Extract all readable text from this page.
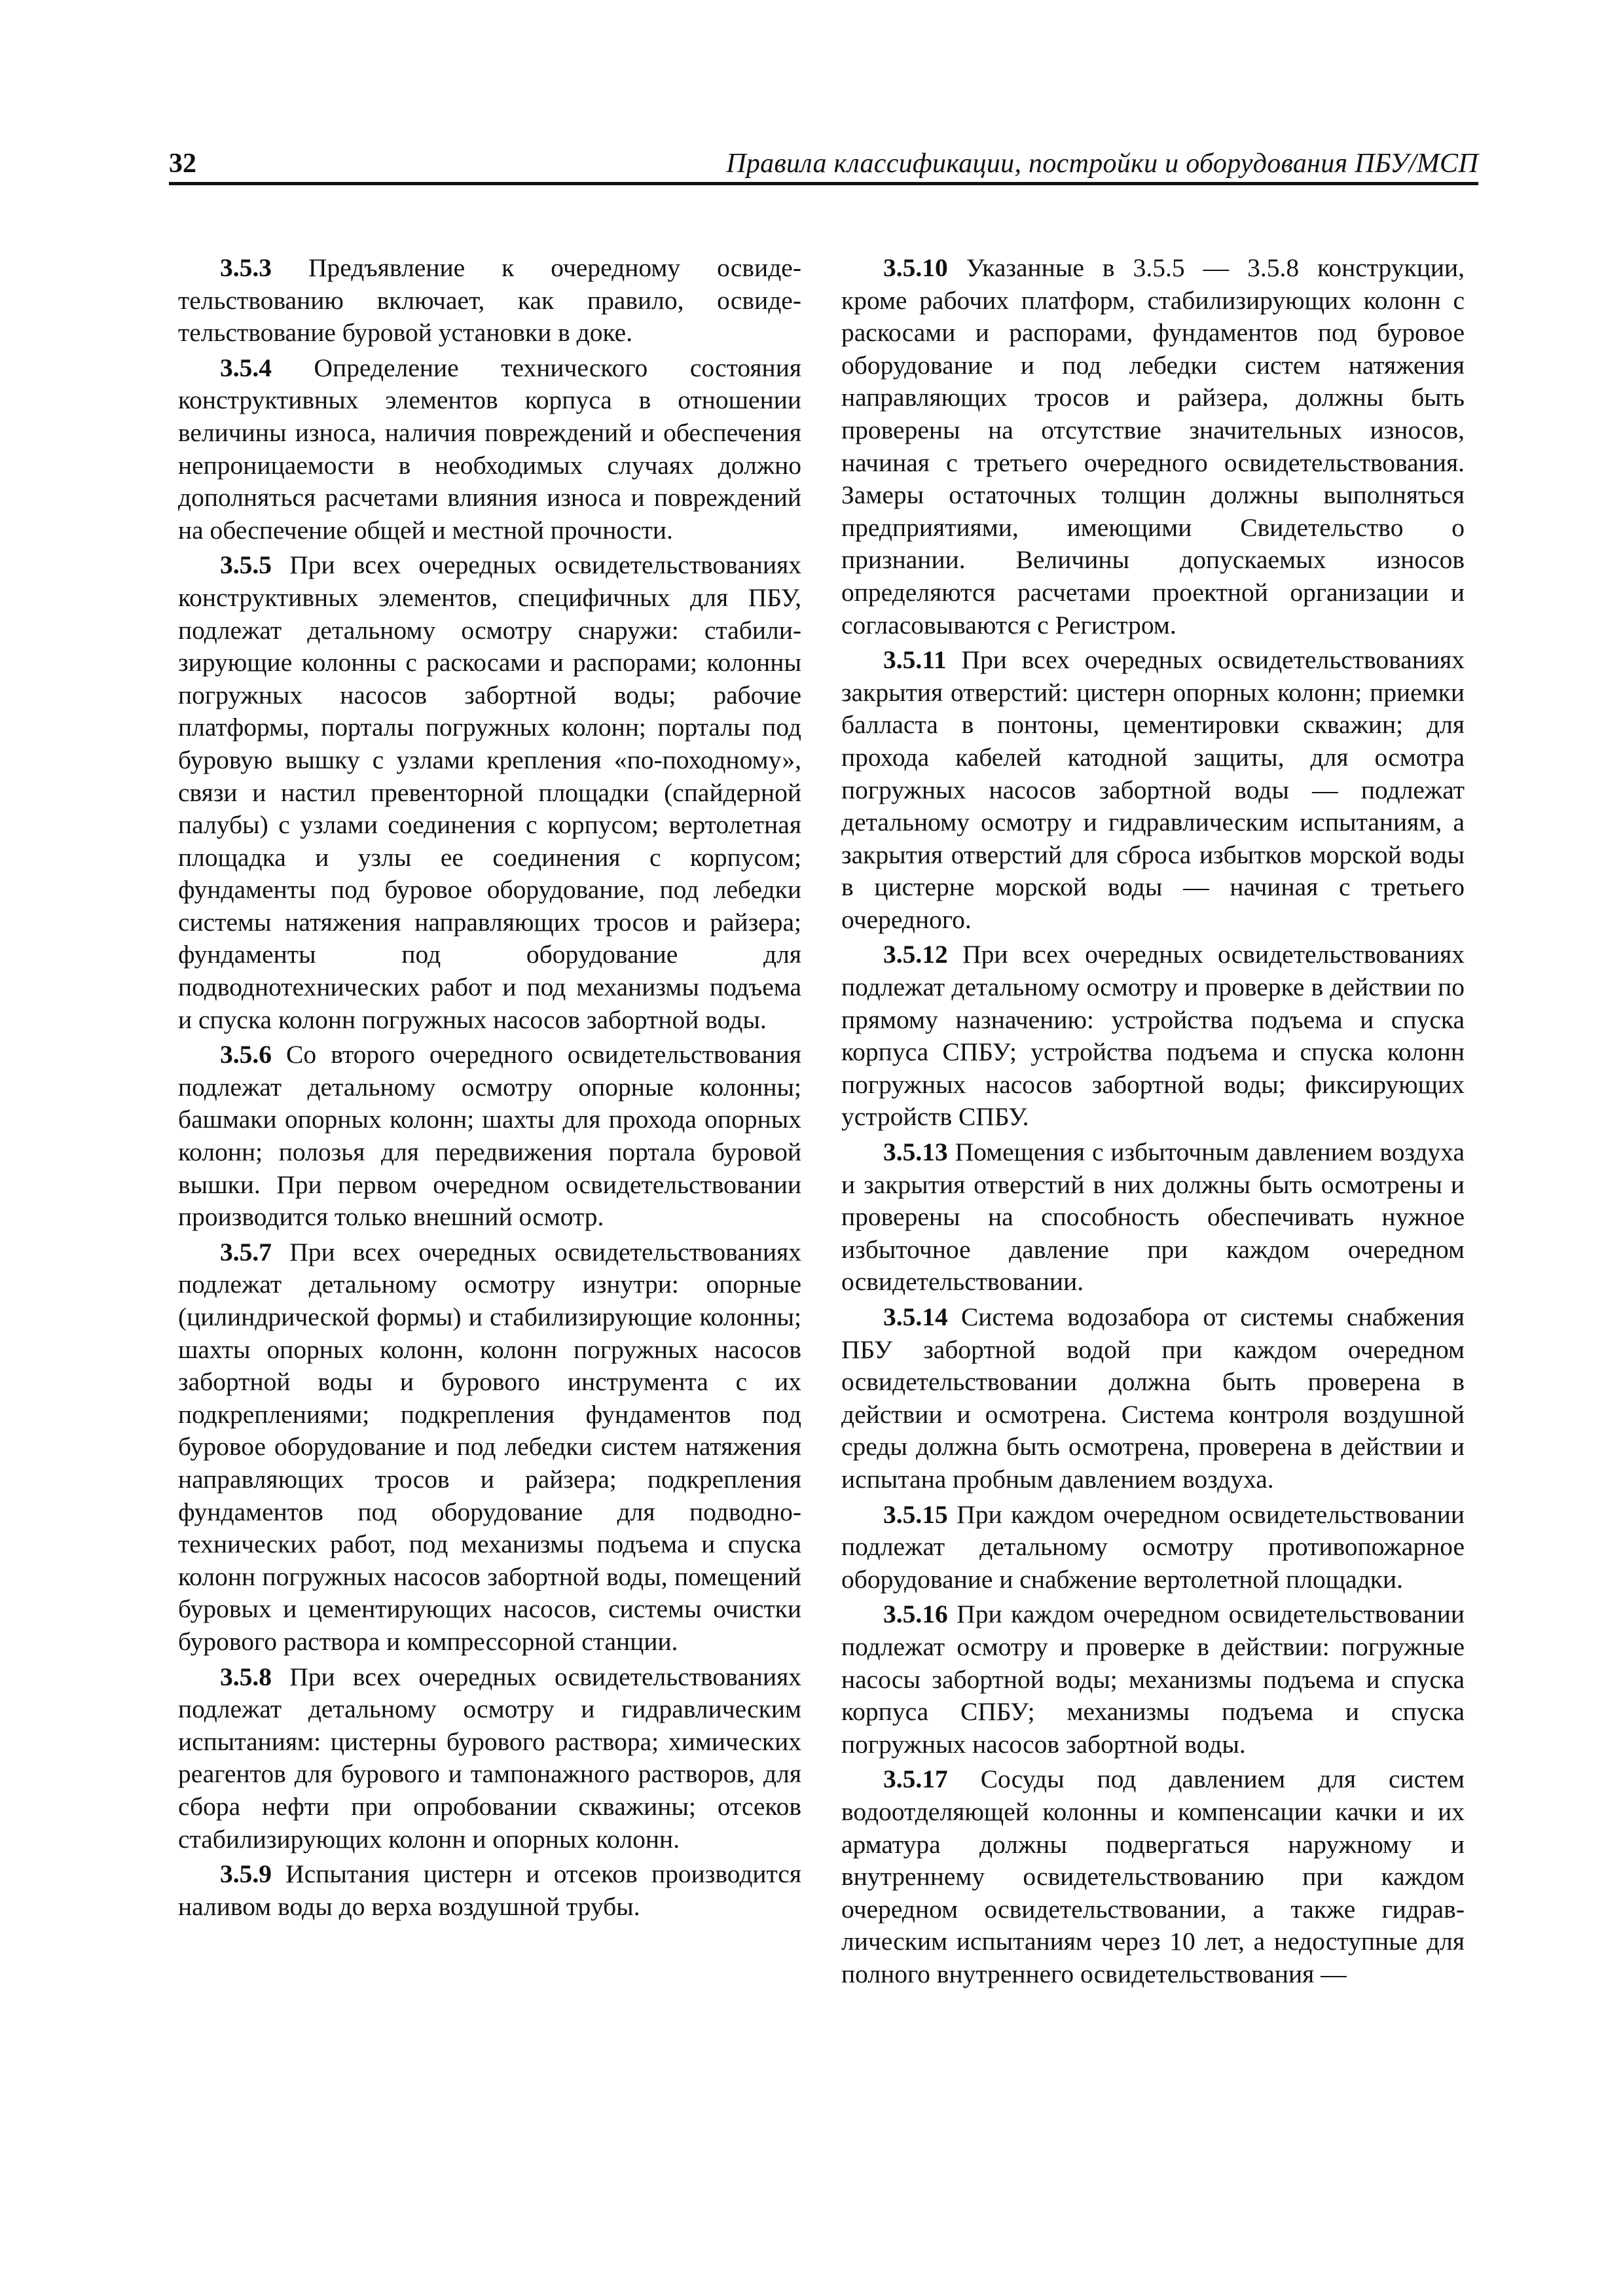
32	Правила классификации, постройки и оборудования ПБУ/МСП

3.5.3 Предъявление к очередному освидетельствованию включает, как правило, освидетельствование буровой установки в доке.

3.5.4 Определение технического состояния конструктивных элементов корпуса в отношении величины износа, наличия повреждений и обеспечения непроницаемости в необходимых случаях должно дополняться расчетами влияния износа и повреждений на обеспечение общей и местной прочности.

3.5.5 При всех очередных освидетельствованиях конструктивных элементов, специфичных для ПБУ, подлежат детальному осмотру снаружи: стабилизирующие колонны с раскосами и распорами; колонны погружных насосов забортной воды; рабочие платформы, порталы погружных колонн; порталы под буровую вышку с узлами крепления «по-походному», связи и настил превенторной площадки (спайдерной палубы) с узлами соединения с корпусом; вертолетная площадка и узлы ее соединения с корпусом; фундаменты под буровое оборудование, под лебедки системы натяжения направляющих тросов и райзера; фундаменты под оборудование для подводнотехнических работ и под механизмы подъема и спуска колонн погружных насосов забортной воды.

3.5.6 Со второго очередного освидетельствования подлежат детальному осмотру опорные колонны; башмаки опорных колонн; шахты для прохода опорных колонн; полозья для передвижения портала буровой вышки. При первом очередном освидетельствовании производится только внешний осмотр.

3.5.7 При всех очередных освидетельствованиях подлежат детальному осмотру изнутри: опорные (цилиндрической формы) и стабилизирующие колонны; шахты опорных колонн, колонн погружных насосов забортной воды и бурового инструмента с их подкреплениями; подкрепления фундаментов под буровое оборудование и под лебедки систем натяжения направляющих тросов и райзера; подкрепления фундаментов под оборудование для подводно-технических работ, под механизмы подъема и спуска колонн погружных насосов забортной воды, помещений буровых и цементирующих насосов, системы очистки бурового раствора и компрессорной станции.

3.5.8 При всех очередных освидетельствованиях подлежат детальному осмотру и гидравлическим испытаниям: цистерны бурового раствора; химических реагентов для бурового и тампонажного растворов, для сбора нефти при опробовании скважины; отсеков стабилизирующих колонн и опорных колонн.

3.5.9 Испытания цистерн и отсеков производится наливом воды до верха воздушной трубы.

3.5.10 Указанные в 3.5.5 — 3.5.8 конструкции, кроме рабочих платформ, стабилизирующих колонн с раскосами и распорами, фундаментов под буровое оборудование и под лебедки систем натяжения направляющих тросов и райзера, должны быть проверены на отсутствие значительных износов, начиная с третьего очередного освидетельствования. Замеры остаточных толщин должны выполняться предприятиями, имеющими Свидетельство о признании. Величины допускаемых износов определяются расчетами проектной организации и согласовываются с Регистром.

3.5.11 При всех очередных освидетельствованиях закрытия отверстий: цистерн опорных колонн; приемки балласта в понтоны, цементировки скважин; для прохода кабелей катодной защиты, для осмотра погружных насосов забортной воды — подлежат детальному осмотру и гидравлическим испытаниям, а закрытия отверстий для сброса избытков морской воды в цистерне морской воды — начиная с третьего очередного.

3.5.12 При всех очередных освидетельствованиях подлежат детальному осмотру и проверке в действии по прямому назначению: устройства подъема и спуска корпуса СПБУ; устройства подъема и спуска колонн погружных насосов забортной воды; фиксирующих устройств СПБУ.

3.5.13 Помещения с избыточным давлением воздуха и закрытия отверстий в них должны быть осмотрены и проверены на способность обеспечивать нужное избыточное давление при каждом очередном освидетельствовании.

3.5.14 Система водозабора от системы снабжения ПБУ забортной водой при каждом очередном освидетельствовании должна быть проверена в действии и осмотрена. Система контроля воздушной среды должна быть осмотрена, проверена в действии и испытана пробным давлением воздуха.

3.5.15 При каждом очередном освидетельствовании подлежат детальному осмотру противопожарное оборудование и снабжение вертолетной площадки.

3.5.16 При каждом очередном освидетельствовании подлежат осмотру и проверке в действии: погружные насосы забортной воды; механизмы подъема и спуска корпуса СПБУ; механизмы подъема и спуска погружных насосов забортной воды.

3.5.17 Сосуды под давлением для систем водоотделяющей колонны и компенсации качки и их арматура должны подвергаться наружному и внутреннему освидетельствованию при каждом очередном освидетельствовании, а также гидравлическим испытаниям через 10 лет, а недоступные для полного внутреннего освидетельствования —
